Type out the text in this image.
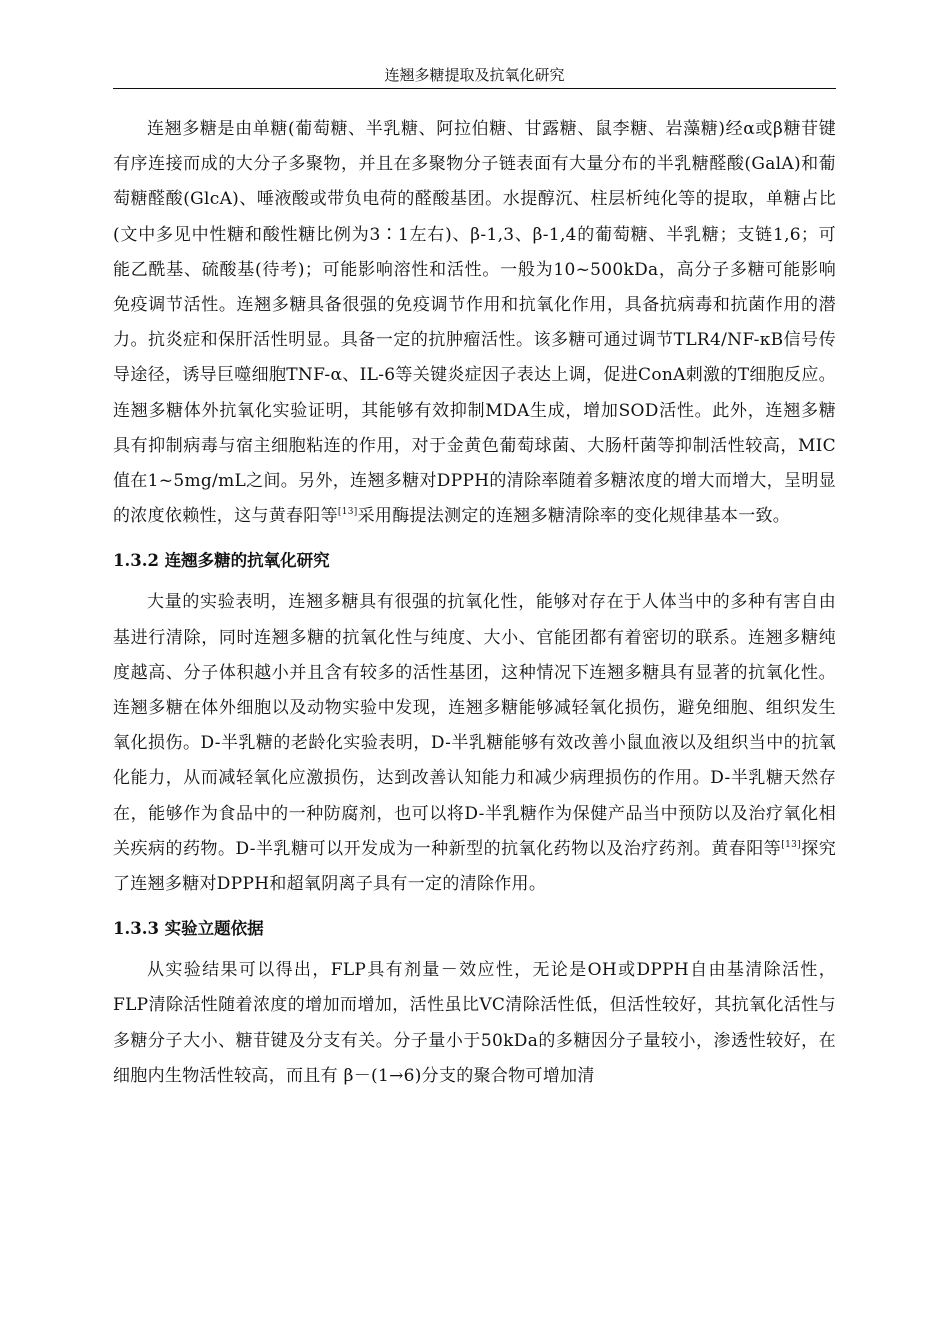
连翘多糖提取及抗氧化研究

连翘多糖是由单糖(葡萄糖、半乳糖、阿拉伯糖、甘露糖、鼠李糖、岩藻糖)经α或β糖苷键有序连接而成的大分子多聚物，并且在多聚物分子链表面有大量分布的半乳糖醛酸(GalA)和葡萄糖醛酸(GlcA)、唾液酸或带负电荷的醛酸基团。水提醇沉、柱层析纯化等的提取，单糖占比(文中多见中性糖和酸性糖比例为3∶1左右)、β-1,3、β-1,4的葡萄糖、半乳糖；支链1,6；可能乙酰基、硫酸基(待考)；可能影响溶性和活性。一般为10~500kDa，高分子多糖可能影响免疫调节活性。连翘多糖具备很强的免疫调节作用和抗氧化作用，具备抗病毒和抗菌作用的潜力。抗炎症和保肝活性明显。具备一定的抗肿瘤活性。该多糖可通过调节TLR4/NF-κB信号传导途径，诱导巨噬细胞TNF-α、IL-6等关键炎症因子表达上调，促进ConA刺激的T细胞反应。连翘多糖体外抗氧化实验证明，其能够有效抑制MDA生成，增加SOD活性。此外，连翘多糖具有抑制病毒与宿主细胞粘连的作用，对于金黄色葡萄球菌、大肠杆菌等抑制活性较高，MIC值在1~5mg/mL之间。另外，连翘多糖对DPPH的清除率随着多糖浓度的增大而增大，呈明显的浓度依赖性，这与黄春阳等[13]采用酶提法测定的连翘多糖清除率的变化规律基本一致。

1.3.2 连翘多糖的抗氧化研究

大量的实验表明，连翘多糖具有很强的抗氧化性，能够对存在于人体当中的多种有害自由基进行清除，同时连翘多糖的抗氧化性与纯度、大小、官能团都有着密切的联系。连翘多糖纯度越高、分子体积越小并且含有较多的活性基团，这种情况下连翘多糖具有显著的抗氧化性。连翘多糖在体外细胞以及动物实验中发现，连翘多糖能够减轻氧化损伤，避免细胞、组织发生氧化损伤。D-半乳糖的老龄化实验表明，D-半乳糖能够有效改善小鼠血液以及组织当中的抗氧化能力，从而减轻氧化应激损伤，达到改善认知能力和减少病理损伤的作用。D-半乳糖天然存在，能够作为食品中的一种防腐剂，也可以将D-半乳糖作为保健产品当中预防以及治疗氧化相关疾病的药物。D-半乳糖可以开发成为一种新型的抗氧化药物以及治疗药剂。黄春阳等[13]探究了连翘多糖对DPPH和超氧阴离子具有一定的清除作用。

1.3.3 实验立题依据

从实验结果可以得出，FLP具有剂量－效应性，无论是OH或DPPH自由基清除活性，FLP清除活性随着浓度的增加而增加，活性虽比VC清除活性低，但活性较好，其抗氧化活性与多糖分子大小、糖苷键及分支有关。分子量小于50kDa的多糖因分子量较小，渗透性较好，在细胞内生物活性较高，而且有 β－(1→6)分支的聚合物可增加清
